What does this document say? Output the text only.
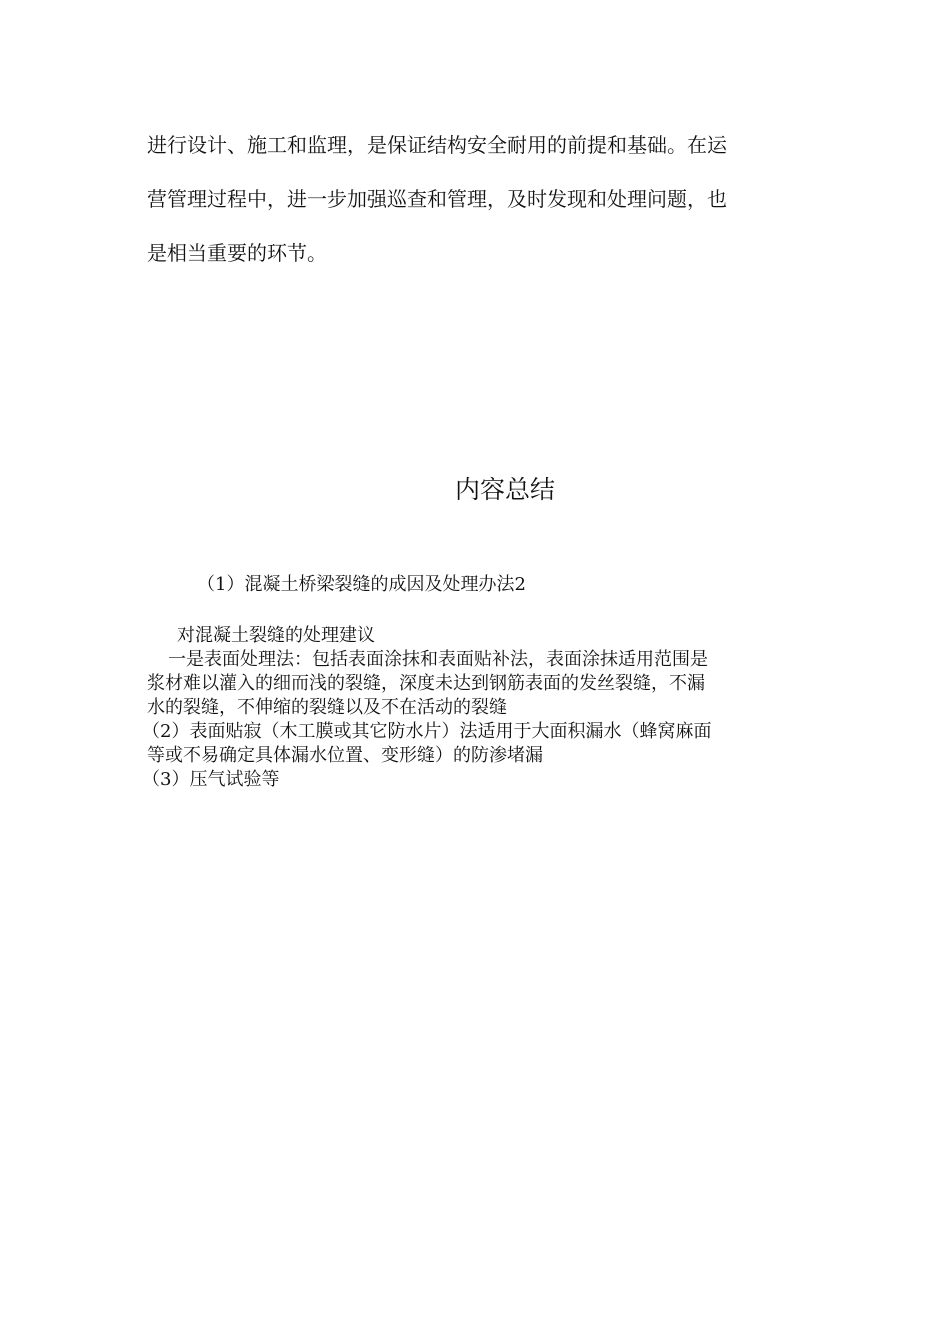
进行设计、施工和监理，是保证结构安全耐用的前提和基础。在运
营管理过程中，进一步加强巡查和管理，及时发现和处理问题，也
是相当重要的环节。
内容总结
（1）混凝土桥梁裂缝的成因及处理办法2
对混凝土裂缝的处理建议
一是表面处理法：包括表面涂抹和表面贴补法，表面涂抹适用范围是
浆材难以灌入的细而浅的裂缝，深度未达到钢筋表面的发丝裂缝，不漏
水的裂缝，不伸缩的裂缝以及不在活动的裂缝
（2）表面贴寂（木工膜或其它防水片）法适用于大面积漏水（蜂窝麻面
等或不易确定具体漏水位置、变形缝）的防渗堵漏
（3）压气试验等
